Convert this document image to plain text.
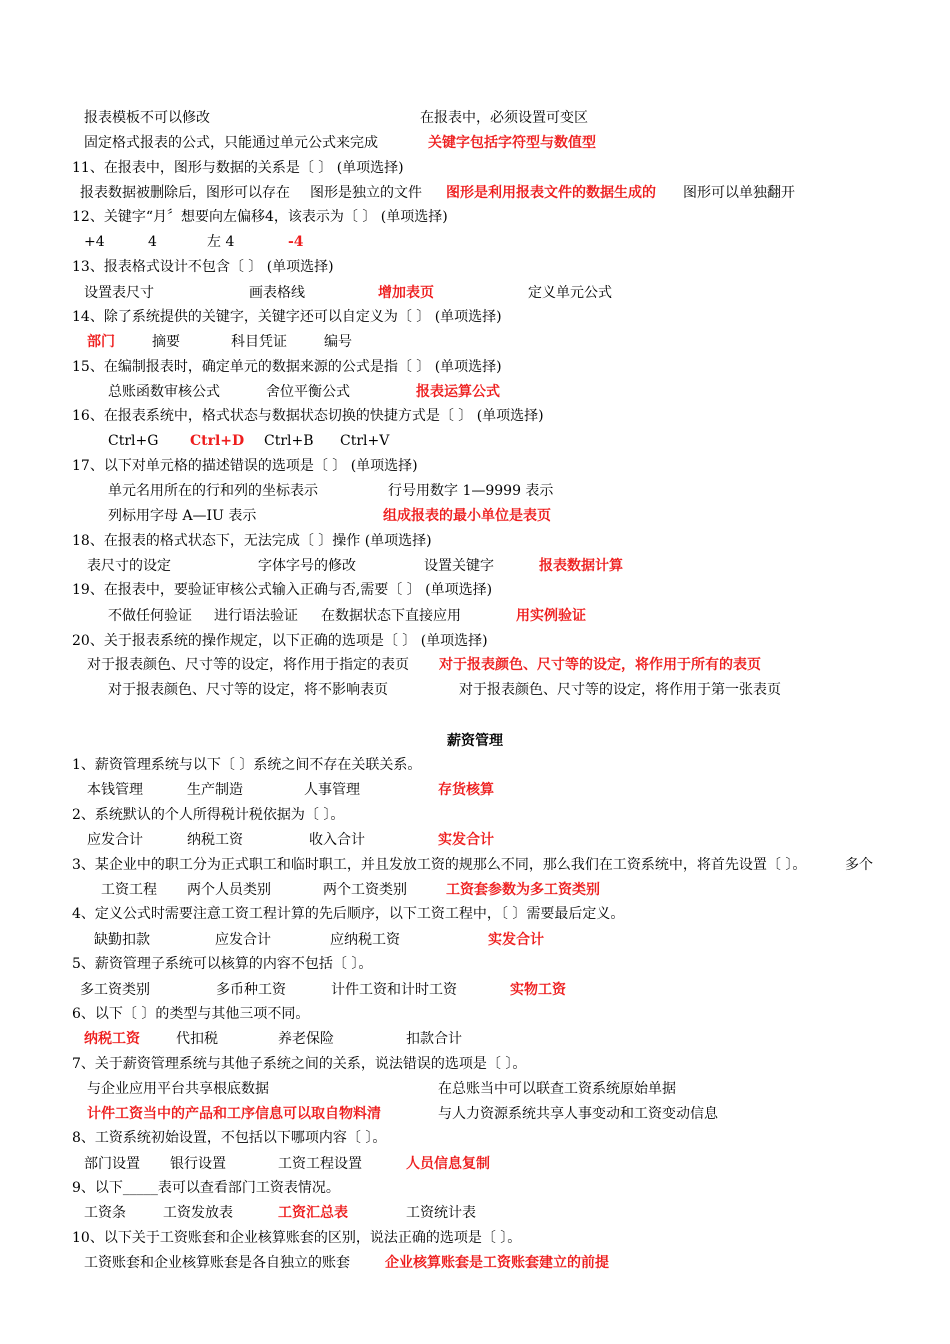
报表模板不可以修改	在报表中，必须设置可变区
固定格式报表的公式，只能通过单元公式来完成	关键字包括字符型与数值型
11、在报表中，图形与数据的关系是〔 〕 (单项选择)
报表数据被删除后，图形可以存在 图形是独立的文件 图形是利用报表文件的数据生成的 图形可以单独翻开
12、关键字“月〞想要向左偏移4，该表示为〔 〕 (单项选择)
+4	4	左 4	-4
13、报表格式设计不包含〔 〕 (单项选择)
设置表尺寸	画表格线	增加表页	定义单元公式
14、除了系统提供的关键字，关键字还可以自定义为〔 〕 (单项选择)
部门	摘要	科目凭证	编号
15、在编制报表时，确定单元的数据来源的公式是指〔 〕 (单项选择)
总账函数审核公式	舍位平衡公式	报表运算公式
16、在报表系统中，格式状态与数据状态切换的快捷方式是〔 〕 (单项选择)
Ctrl+G Ctrl+D Ctrl+B Ctrl+V
17、以下对单元格的描述错误的选项是〔 〕 (单项选择)
单元名用所在的行和列的坐标表示	行号用数字 1—9999 表示
列标用字母 A—IU 表示	组成报表的最小单位是表页
18、在报表的格式状态下，无法完成〔 〕操作 (单项选择)
表尺寸的设定	字体字号的修改	设置关键字	报表数据计算
19、在报表中，要验证审核公式输入正确与否,需要〔 〕 (单项选择)
不做任何验证 进行语法验证 在数据状态下直接应用	用实例验证
20、关于报表系统的操作规定，以下正确的选项是〔 〕 (单项选择)
对于报表颜色、尺寸等的设定，将作用于指定的表页 对于报表颜色、尺寸等的设定，将作用于所有的表页
对于报表颜色、尺寸等的设定，将不影响表页	对于报表颜色、尺寸等的设定，将作用于第一张表页
薪资管理
1、薪资管理系统与以下〔 〕系统之间不存在关联关系。
本钱管理	生产制造	人事管理	存货核算
2、系统默认的个人所得税计税依据为〔 〕。
应发合计	纳税工资	收入合计	实发合计
3、某企业中的职工分为正式职工和临时职工，并且发放工资的规那么不同，那么我们在工资系统中，将首先设置〔 〕。	多个
工资工程 两个人员类别	两个工资类别	工资套参数为多工资类别
4、定义公式时需要注意工资工程计算的先后顺序，以下工资工程中，〔 〕需要最后定义。
缺勤扣款	应发合计	应纳税工资	实发合计
5、薪资管理子系统可以核算的内容不包括〔 〕。
多工资类别	多币种工资	计件工资和计时工资	实物工资
6、以下〔 〕的类型与其他三项不同。
纳税工资	代扣税	养老保险	扣款合计
7、关于薪资管理系统与其他子系统之间的关系，说法错误的选项是〔 〕。
与企业应用平台共享根底数据	在总账当中可以联查工资系统原始单据
计件工资当中的产品和工序信息可以取自物料清	与人力资源系统共享人事变动和工资变动信息
8、工资系统初始设置，不包括以下哪项内容〔 〕。
部门设置 银行设置	工资工程设置	人员信息复制
9、以下_____表可以查看部门工资表情况。
工资条	工资发放表	工资汇总表	工资统计表
10、以下关于工资账套和企业核算账套的区别，说法正确的选项是〔 〕。
工资账套和企业核算账套是各自独立的账套	企业核算账套是工资账套建立的前提
